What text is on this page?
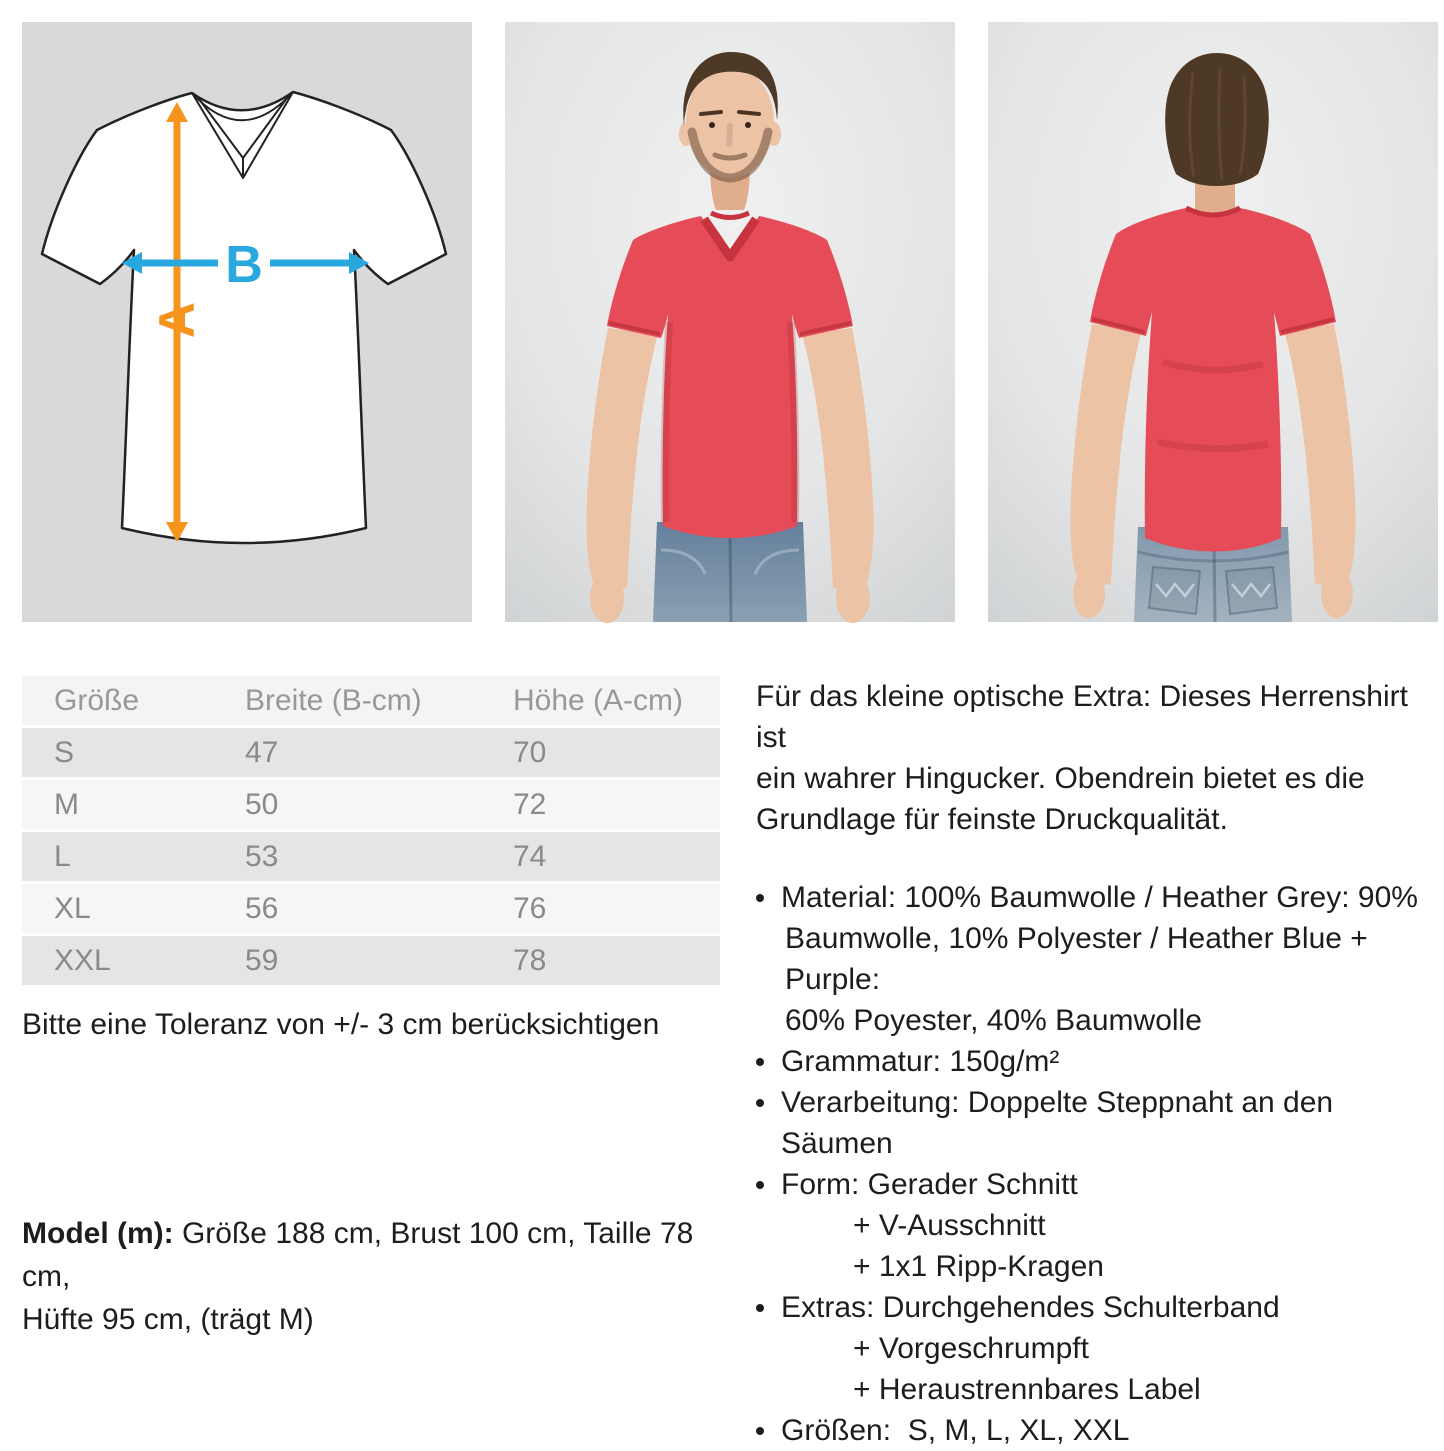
A
B
Größe	Breite (B-cm)	Höhe (A-cm)
S	47	70
M	50	72
L	53	74
XL	56	76
XXL	59	78

Bitte eine Toleranz von +/- 3 cm berücksichtigen

Model (m): Größe 188 cm, Brust 100 cm, Taille 78 cm,
Hüfte 95 cm, (trägt M)

Für das kleine optische Extra: Dieses Herrenshirt ist
ein wahrer Hingucker. Obendrein bietet es die
Grundlage für feinste Druckqualität.

Material: 100% Baumwolle / Heather Grey: 90%
Baumwolle, 10% Polyester / Heather Blue + Purple:
60% Poyester, 40% Baumwolle
Grammatur: 150g/m²
Verarbeitung: Doppelte Steppnaht an den Säumen
Form: Gerader Schnitt
+ V-Ausschnitt
+ 1x1 Ripp-Kragen
Extras: Durchgehendes Schulterband
+ Vorgeschrumpft
+ Heraustrennbares Label
Größen:  S, M, L, XL, XXL
